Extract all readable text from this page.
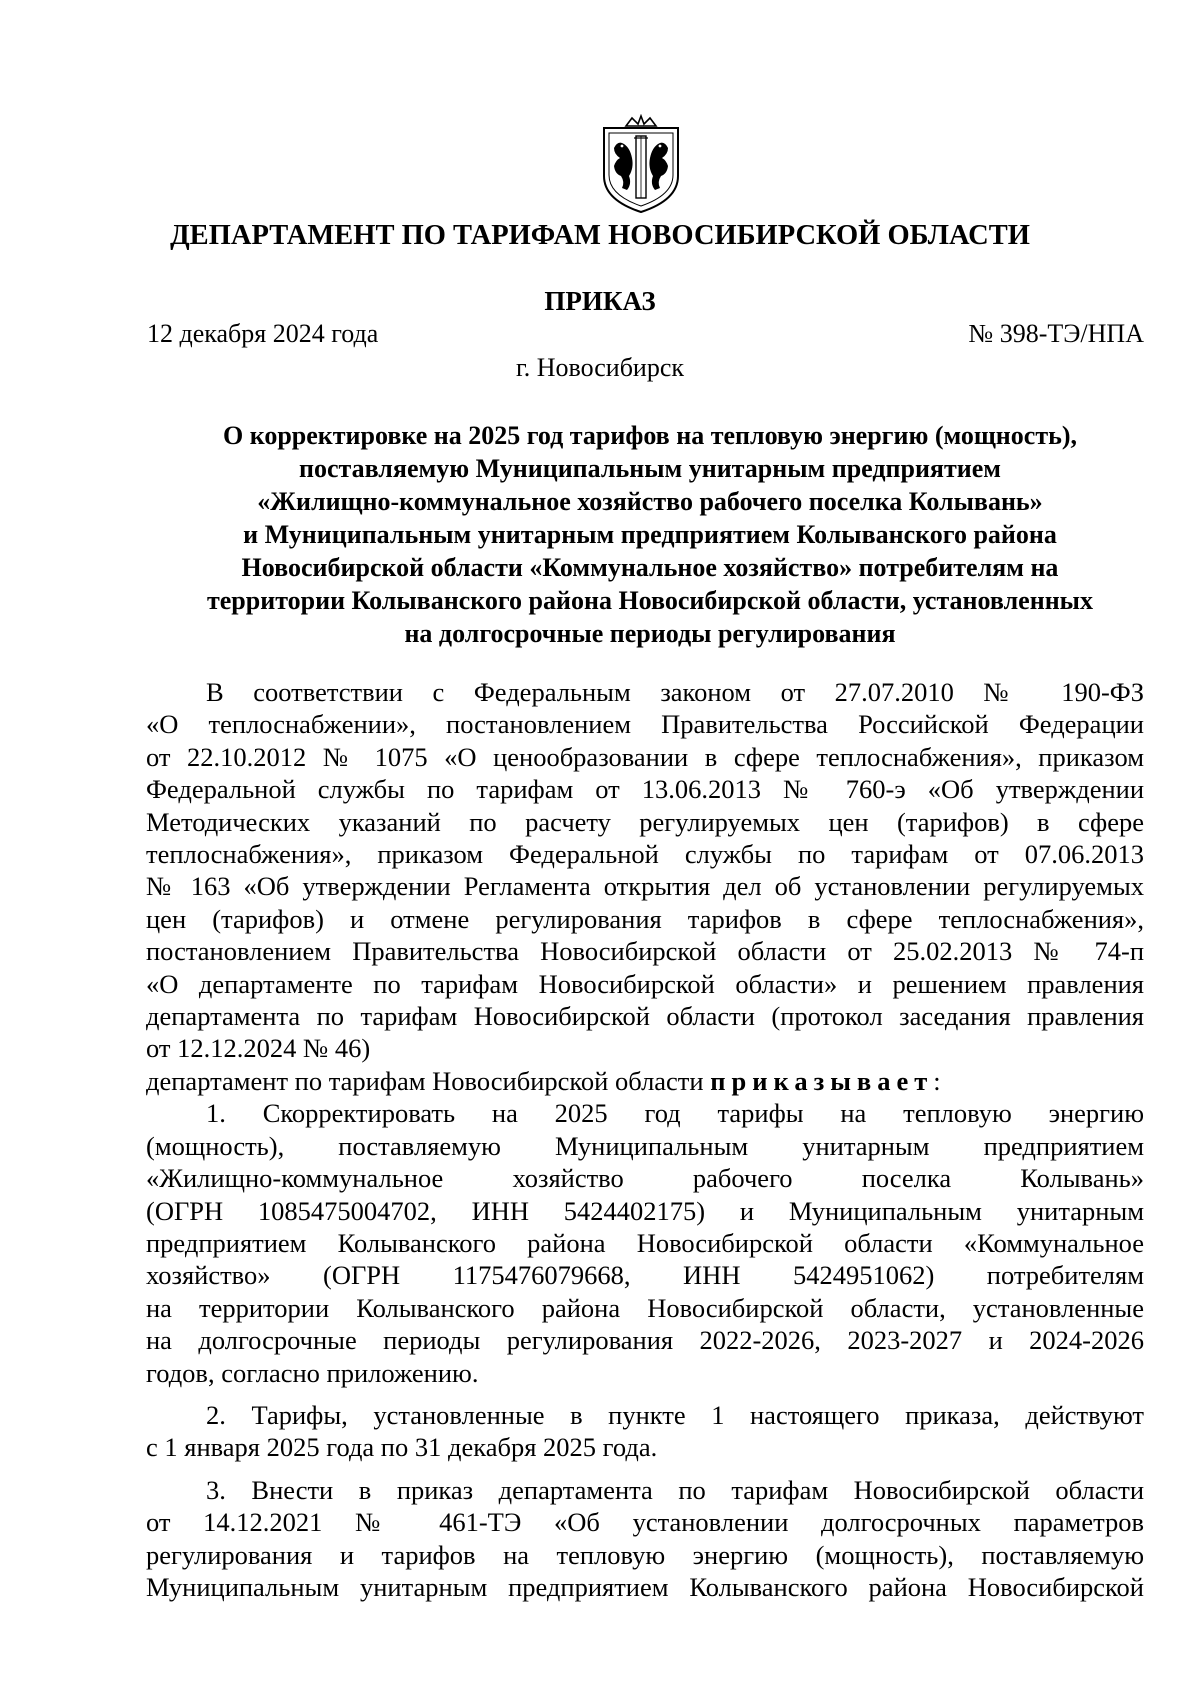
ДЕПАРТАМЕНТ ПО ТАРИФАМ НОВОСИБИРСКОЙ ОБЛАСТИ
ПРИКАЗ
12 декабря 2024 года	№ 398-ТЭ/НПА
г. Новосибирск
О корректировке на 2025 год тарифов на тепловую энергию (мощность),
поставляемую Муниципальным унитарным предприятием
«Жилищно-коммунальное хозяйство рабочего поселка Колывань»
и Муниципальным унитарным предприятием Колыванского района
Новосибирской области «Коммунальное хозяйство» потребителям на
территории Колыванского района Новосибирской области, установленных
на долгосрочные периоды регулирования
В соответствии с Федеральным законом от 27.07.2010 № 190-ФЗ
«О теплоснабжении», постановлением Правительства Российской Федерации
от 22.10.2012 № 1075 «О ценообразовании в сфере теплоснабжения», приказом
Федеральной службы по тарифам от 13.06.2013 № 760-э «Об утверждении
Методических указаний по расчету регулируемых цен (тарифов) в сфере
теплоснабжения», приказом Федеральной службы по тарифам от 07.06.2013
№ 163 «Об утверждении Регламента открытия дел об установлении регулируемых
цен (тарифов) и отмене регулирования тарифов в сфере теплоснабжения»,
постановлением Правительства Новосибирской области от 25.02.2013 № 74-п
«О департаменте по тарифам Новосибирской области» и решением правления
департамента по тарифам Новосибирской области (протокол заседания правления
от 12.12.2024 № 46)
департамент по тарифам Новосибирской области приказывает:
1. Скорректировать на 2025 год тарифы на тепловую энергию
(мощность), поставляемую Муниципальным унитарным предприятием
«Жилищно-коммунальное хозяйство рабочего поселка Колывань»
(ОГРН 1085475004702, ИНН 5424402175) и Муниципальным унитарным
предприятием Колыванского района Новосибирской области «Коммунальное
хозяйство» (ОГРН 1175476079668, ИНН 5424951062) потребителям
на территории Колыванского района Новосибирской области, установленные
на долгосрочные периоды регулирования 2022-2026, 2023-2027 и 2024-2026
годов, согласно приложению.
2. Тарифы, установленные в пункте 1 настоящего приказа, действуют
с 1 января 2025 года по 31 декабря 2025 года.
3. Внести в приказ департамента по тарифам Новосибирской области
от 14.12.2021 № 461-ТЭ «Об установлении долгосрочных параметров
регулирования и тарифов на тепловую энергию (мощность), поставляемую
Муниципальным унитарным предприятием Колыванского района Новосибирской
